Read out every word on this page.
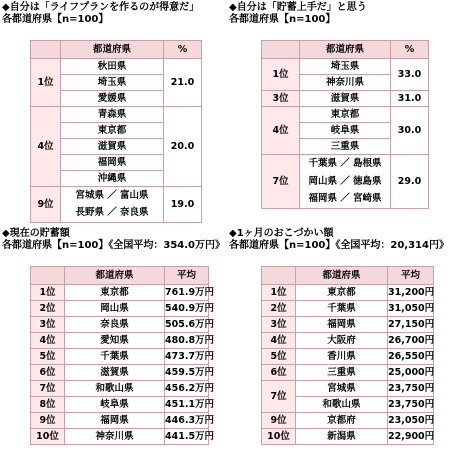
◆自分は「ライフプランを作るのが得意だ」
各都道府県【n=100】
◆自分は「貯蓄上手だ」と思う
各都道府県【n=100】
◆現在の貯蓄額
各都道府県【n=100】《全国平均：354.0万円》
◆1ヶ月のおこづかい額
各都道府県【n=100】《全国平均：20,314円》
	都道府県	%
1位	秋田県	21.0
	埼玉県	
	愛媛県	
4位	青森県	20.0
	東京都	
	滋賀県	
	福岡県	
	沖縄県	
9位	宮城県 ／ 富山県	19.0
	長野県 ／ 奈良県	
	都道府県	%
1位	埼玉県	33.0
	神奈川県	
3位	滋賀県	31.0
4位	東京都	30.0
	岐阜県	
	三重県	
7位	千葉県 ／ 島根県	29.0
	岡山県 ／ 徳島県	
	福岡県 ／ 宮崎県	
	都道府県	平均
1位	東京都	761.9万円
2位	岡山県	540.9万円
3位	奈良県	505.6万円
4位	愛知県	480.8万円
5位	千葉県	473.7万円
6位	滋賀県	459.5万円
7位	和歌山県	456.2万円
8位	岐阜県	451.1万円
9位	福岡県	446.3万円
10位	神奈川県	441.5万円
	都道府県	平均
1位	東京都	31,200円
2位	千葉県	31,050円
3位	福岡県	27,150円
4位	大阪府	26,700円
5位	香川県	26,550円
6位	三重県	25,000円
7位	宮城県	23,750円
	和歌山県	23,750円
9位	京都府	23,050円
10位	新潟県	22,900円
